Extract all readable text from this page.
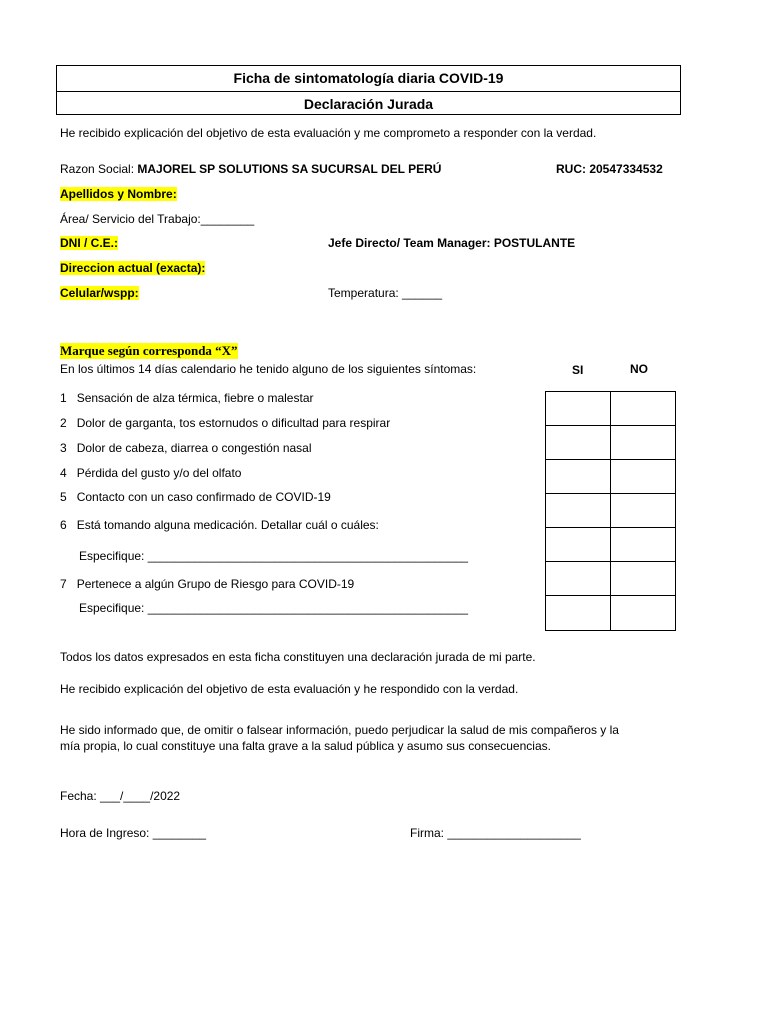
Ficha de sintomatología diaria COVID-19
Declaración Jurada
He recibido explicación del objetivo de esta evaluación y me comprometo a responder con la verdad.
Razon Social: MAJOREL SP SOLUTIONS SA SUCURSAL DEL PERÚ	RUC: 20547334532
Apellidos y Nombre:
Área/ Servicio del Trabajo:________
DNI / C.E.:	Jefe Directo/ Team Manager: POSTULANTE
Direccion actual (exacta):
Celular/wspp:	Temperatura: ______
Marque según corresponda “X”
En los últimos 14 días calendario he tenido alguno de los siguientes síntomas:	SI	NO
1 Sensación de alza térmica, fiebre o malestar
2 Dolor de garganta, tos estornudos o dificultad para respirar
3 Dolor de cabeza, diarrea o congestión nasal
4 Pérdida del gusto y/o del olfato
5 Contacto con un caso confirmado de COVID-19
6 Está tomando alguna medicación. Detallar cuál o cuáles:
Especifique: ________________________________________________
7 Pertenece a algún Grupo de Riesgo para COVID-19
Especifique: ________________________________________________
Todos los datos expresados en esta ficha constituyen una declaración jurada de mi parte.
He recibido explicación del objetivo de esta evaluación y he respondido con la verdad.
He sido informado que, de omitir o falsear información, puedo perjudicar la salud de mis compañeros y la
mía propia, lo cual constituye una falta grave a la salud pública y asumo sus consecuencias.
Fecha: ___/____/2022
Hora de Ingreso: ________	Firma: ____________________
